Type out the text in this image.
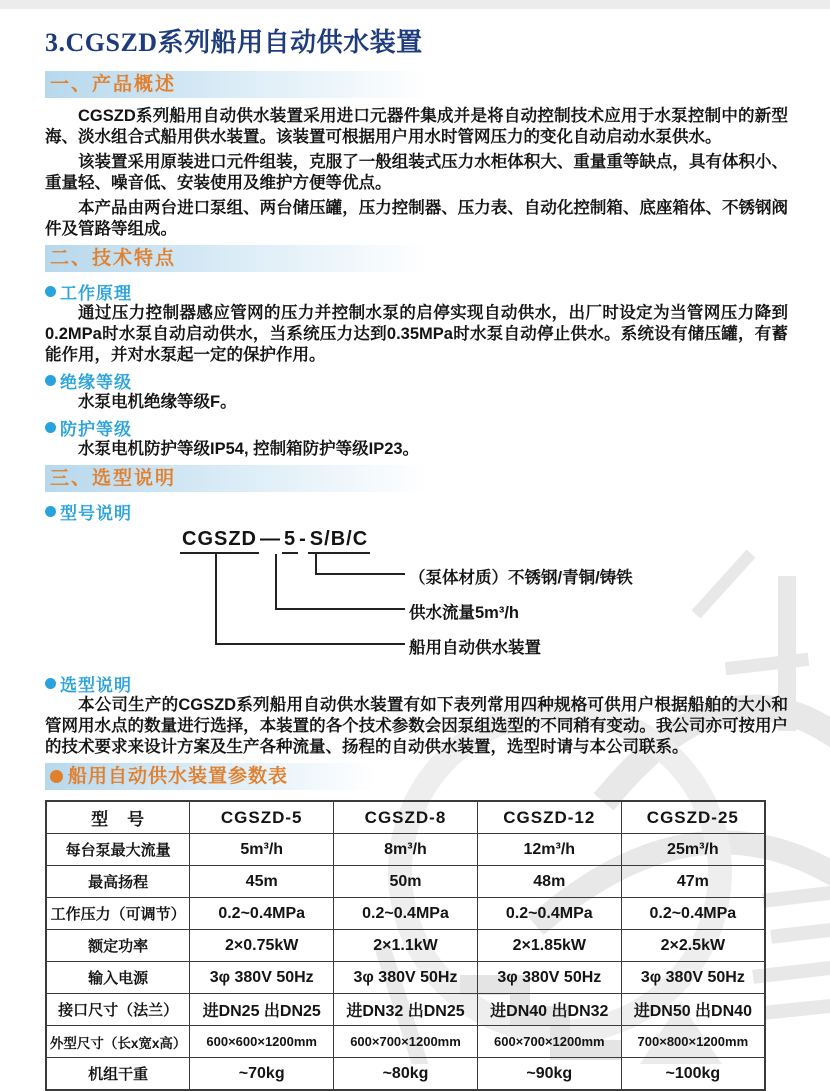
3.CGSZD系列船用自动供水装置
一、产品概述

CGSZD系列船用自动供水装置采用进口元器件集成并是将自动控制技术应用于水泵控制中的新型海、淡水组合式船用供水装置。该装置可根据用户用水时管网压力的变化自动启动水泵供水。

该装置采用原装进口元件组装，克服了一般组装式压力水柜体积大、重量重等缺点，具有体积小、重量轻、噪音低、安装使用及维护方便等优点。

本产品由两台进口泵组、两台储压罐，压力控制器、压力表、自动化控制箱、底座箱体、不锈钢阀件及管路等组成。

二、技术特点
工作原理

通过压力控制器感应管网的压力并控制水泵的启停实现自动供水，出厂时设定为当管网压力降到0.2MPa时水泵自动启动供水，当系统压力达到0.35MPa时水泵自动停止供水。系统设有储压罐，有蓄能作用，并对水泵起一定的保护作用。

绝缘等级

水泵电机绝缘等级F。

防护等级

水泵电机防护等级IP54, 控制箱防护等级IP23。

三、选型说明
型号说明
CGSZD — 5 - S/B/C
（泵体材质）不锈钢/青铜/铸铁
供水流量5m³/h
船用自动供水装置
选型说明

本公司生产的CGSZD系列船用自动供水装置有如下表列常用四种规格可供用户根据船舶的大小和管网用水点的数量进行选择，本装置的各个技术参数会因泵组选型的不同稍有变动。我公司亦可按用户的技术要求来设计方案及生产各种流量、扬程的自动供水装置，选型时请与本公司联系。

船用自动供水装置参数表
型　号	CGSZD-5	CGSZD-8	CGSZD-12	CGSZD-25
每台泵最大流量	5m³/h	8m³/h	12m³/h	25m³/h
最高扬程	45m	50m	48m	47m
工作压力（可调节）	0.2~0.4MPa	0.2~0.4MPa	0.2~0.4MPa	0.2~0.4MPa
额定功率	2×0.75kW	2×1.1kW	2×1.85kW	2×2.5kW
输入电源	3φ 380V 50Hz	3φ 380V 50Hz	3φ 380V 50Hz	3φ 380V 50Hz
接口尺寸（法兰）	进DN25 出DN25	进DN32 出DN25	进DN40 出DN32	进DN50 出DN40
外型尺寸（长x宽x高）	600×600×1200mm	600×700×1200mm	600×700×1200mm	700×800×1200mm
机组干重	~70kg	~80kg	~90kg	~100kg
